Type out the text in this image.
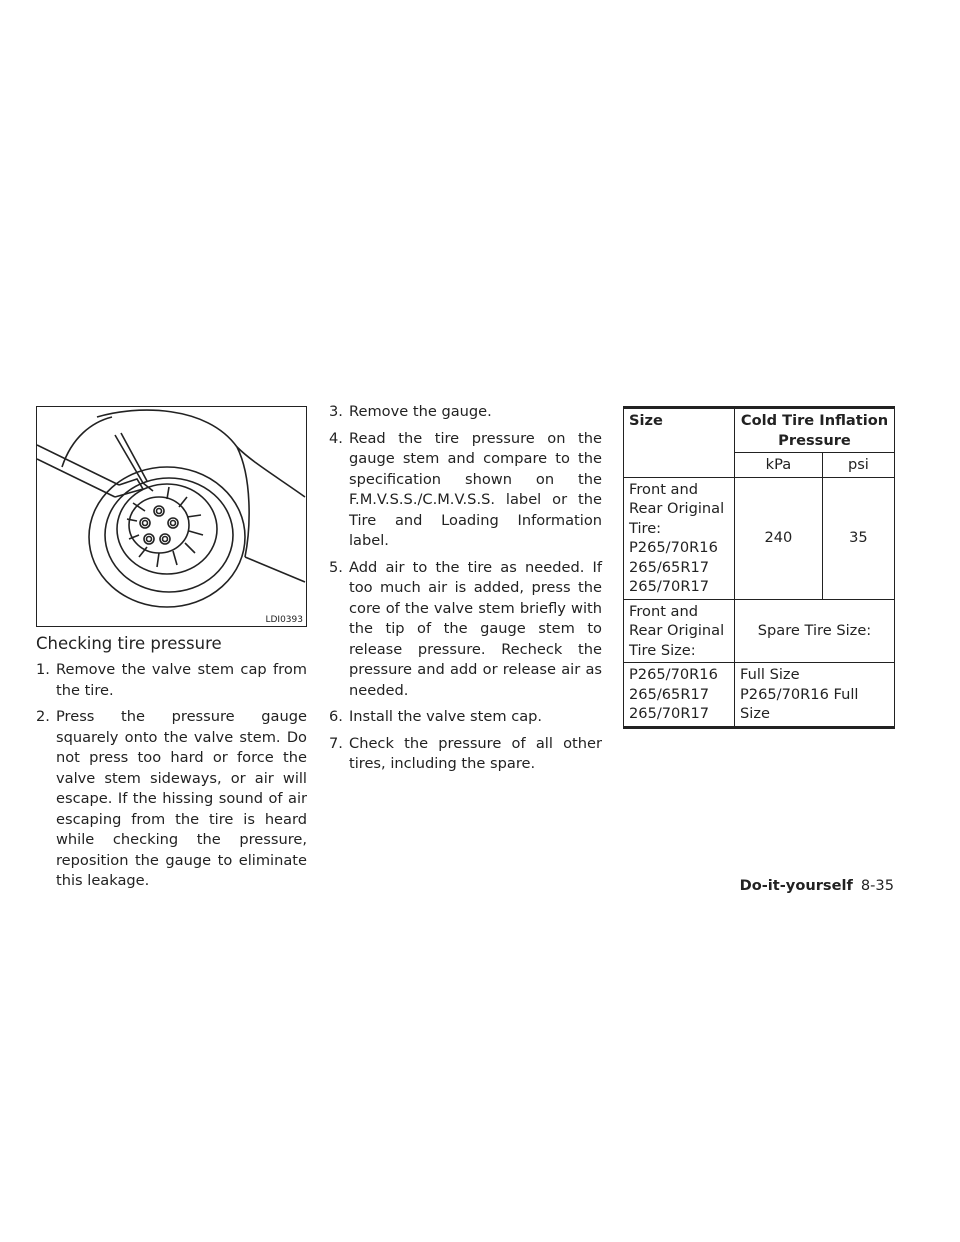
LDI0393
Checking tire pressure
1. Remove the valve stem cap from the tire.
2. Press the pressure gauge squarely onto the valve stem. Do not press too hard or force the valve stem sideways, or air will escape. If the hissing sound of air escaping from the tire is heard while checking the pressure, reposition the gauge to eliminate this leakage.
3. Remove the gauge.
4. Read the tire pressure on the gauge stem and compare to the specification shown on the F.M.V.S.S./C.M.V.S.S. label or the Tire and Loading Information label.
5. Add air to the tire as needed. If too much air is added, press the core of the valve stem briefly with the tip of the gauge stem to release pressure. Recheck the pressure and add or release air as needed.
6. Install the valve stem cap.
7. Check the pressure of all other tires, including the spare.
Size	Cold Tire Inflation Pressure	
	kPa	psi
Front and Rear Original Tire: P265/70R16 265/65R17 265/70R17	240	35
Front and Rear Original Tire Size:	Spare Tire Size:	
P265/70R16 265/65R17 265/70R17	Full Size P265/70R16 Full Size	
Do-it-yourself 8-35
